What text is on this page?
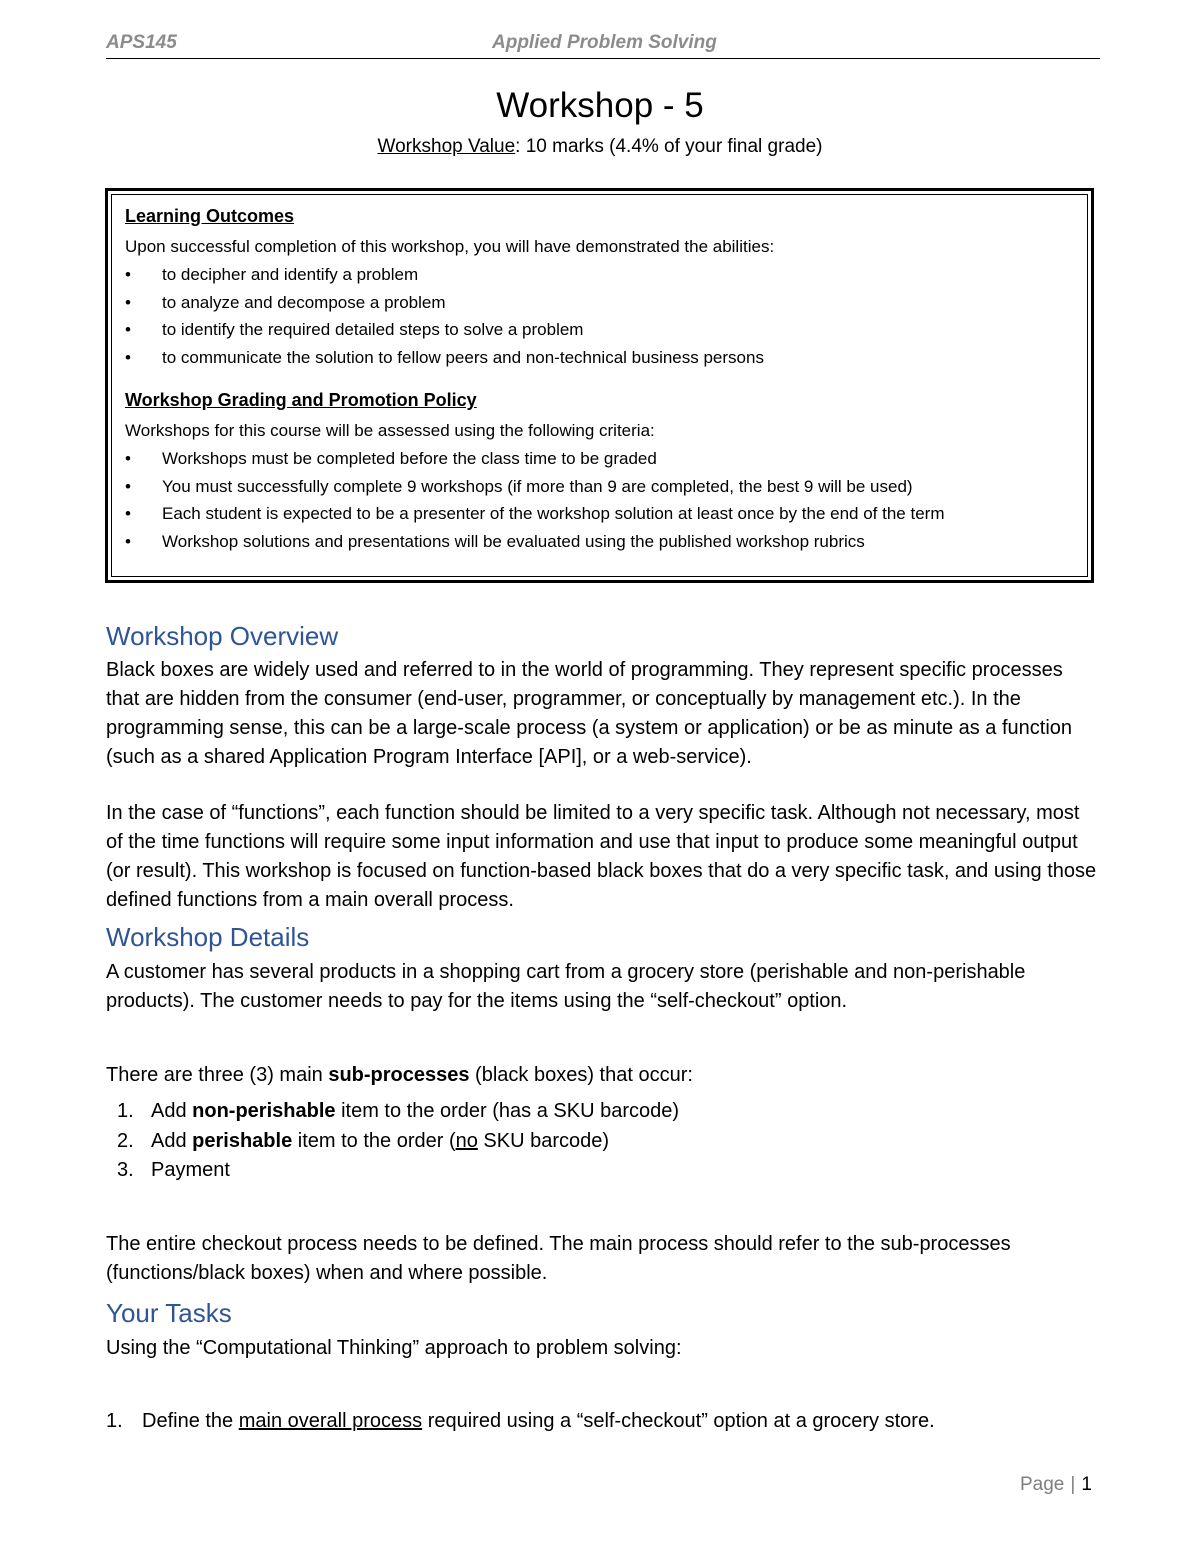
APS145	Applied Problem Solving
Workshop - 5
Workshop Value: 10 marks (4.4% of your final grade)
Learning Outcomes

Upon successful completion of this workshop, you will have demonstrated the abilities:

• to decipher and identify a problem
• to analyze and decompose a problem
• to identify the required detailed steps to solve a problem
• to communicate the solution to fellow peers and non-technical business persons
Workshop Grading and Promotion Policy

Workshops for this course will be assessed using the following criteria:

• Workshops must be completed before the class time to be graded
• You must successfully complete 9 workshops (if more than 9 are completed, the best 9 will be used)
• Each student is expected to be a presenter of the workshop solution at least once by the end of the term
• Workshop solutions and presentations will be evaluated using the published workshop rubrics
Workshop Overview

Black boxes are widely used and referred to in the world of programming. They represent specific processes that are hidden from the consumer (end-user, programmer, or conceptually by management etc.). In the programming sense, this can be a large-scale process (a system or application) or be as minute as a function (such as a shared Application Program Interface [API], or a web-service).

In the case of “functions”, each function should be limited to a very specific task. Although not necessary, most of the time functions will require some input information and use that input to produce some meaningful output (or result). This workshop is focused on function-based black boxes that do a very specific task, and using those defined functions from a main overall process.

Workshop Details

A customer has several products in a shopping cart from a grocery store (perishable and non-perishable products). The customer needs to pay for the items using the “self-checkout” option.

There are three (3) main sub-processes (black boxes) that occur:

1. Add non-perishable item to the order (has a SKU barcode)
2. Add perishable item to the order (no SKU barcode)
3. Payment

The entire checkout process needs to be defined. The main process should refer to the sub-processes (functions/black boxes) when and where possible.

Your Tasks

Using the “Computational Thinking” approach to problem solving:

1. Define the main overall process required using a “self-checkout” option at a grocery store.
Page | 1
